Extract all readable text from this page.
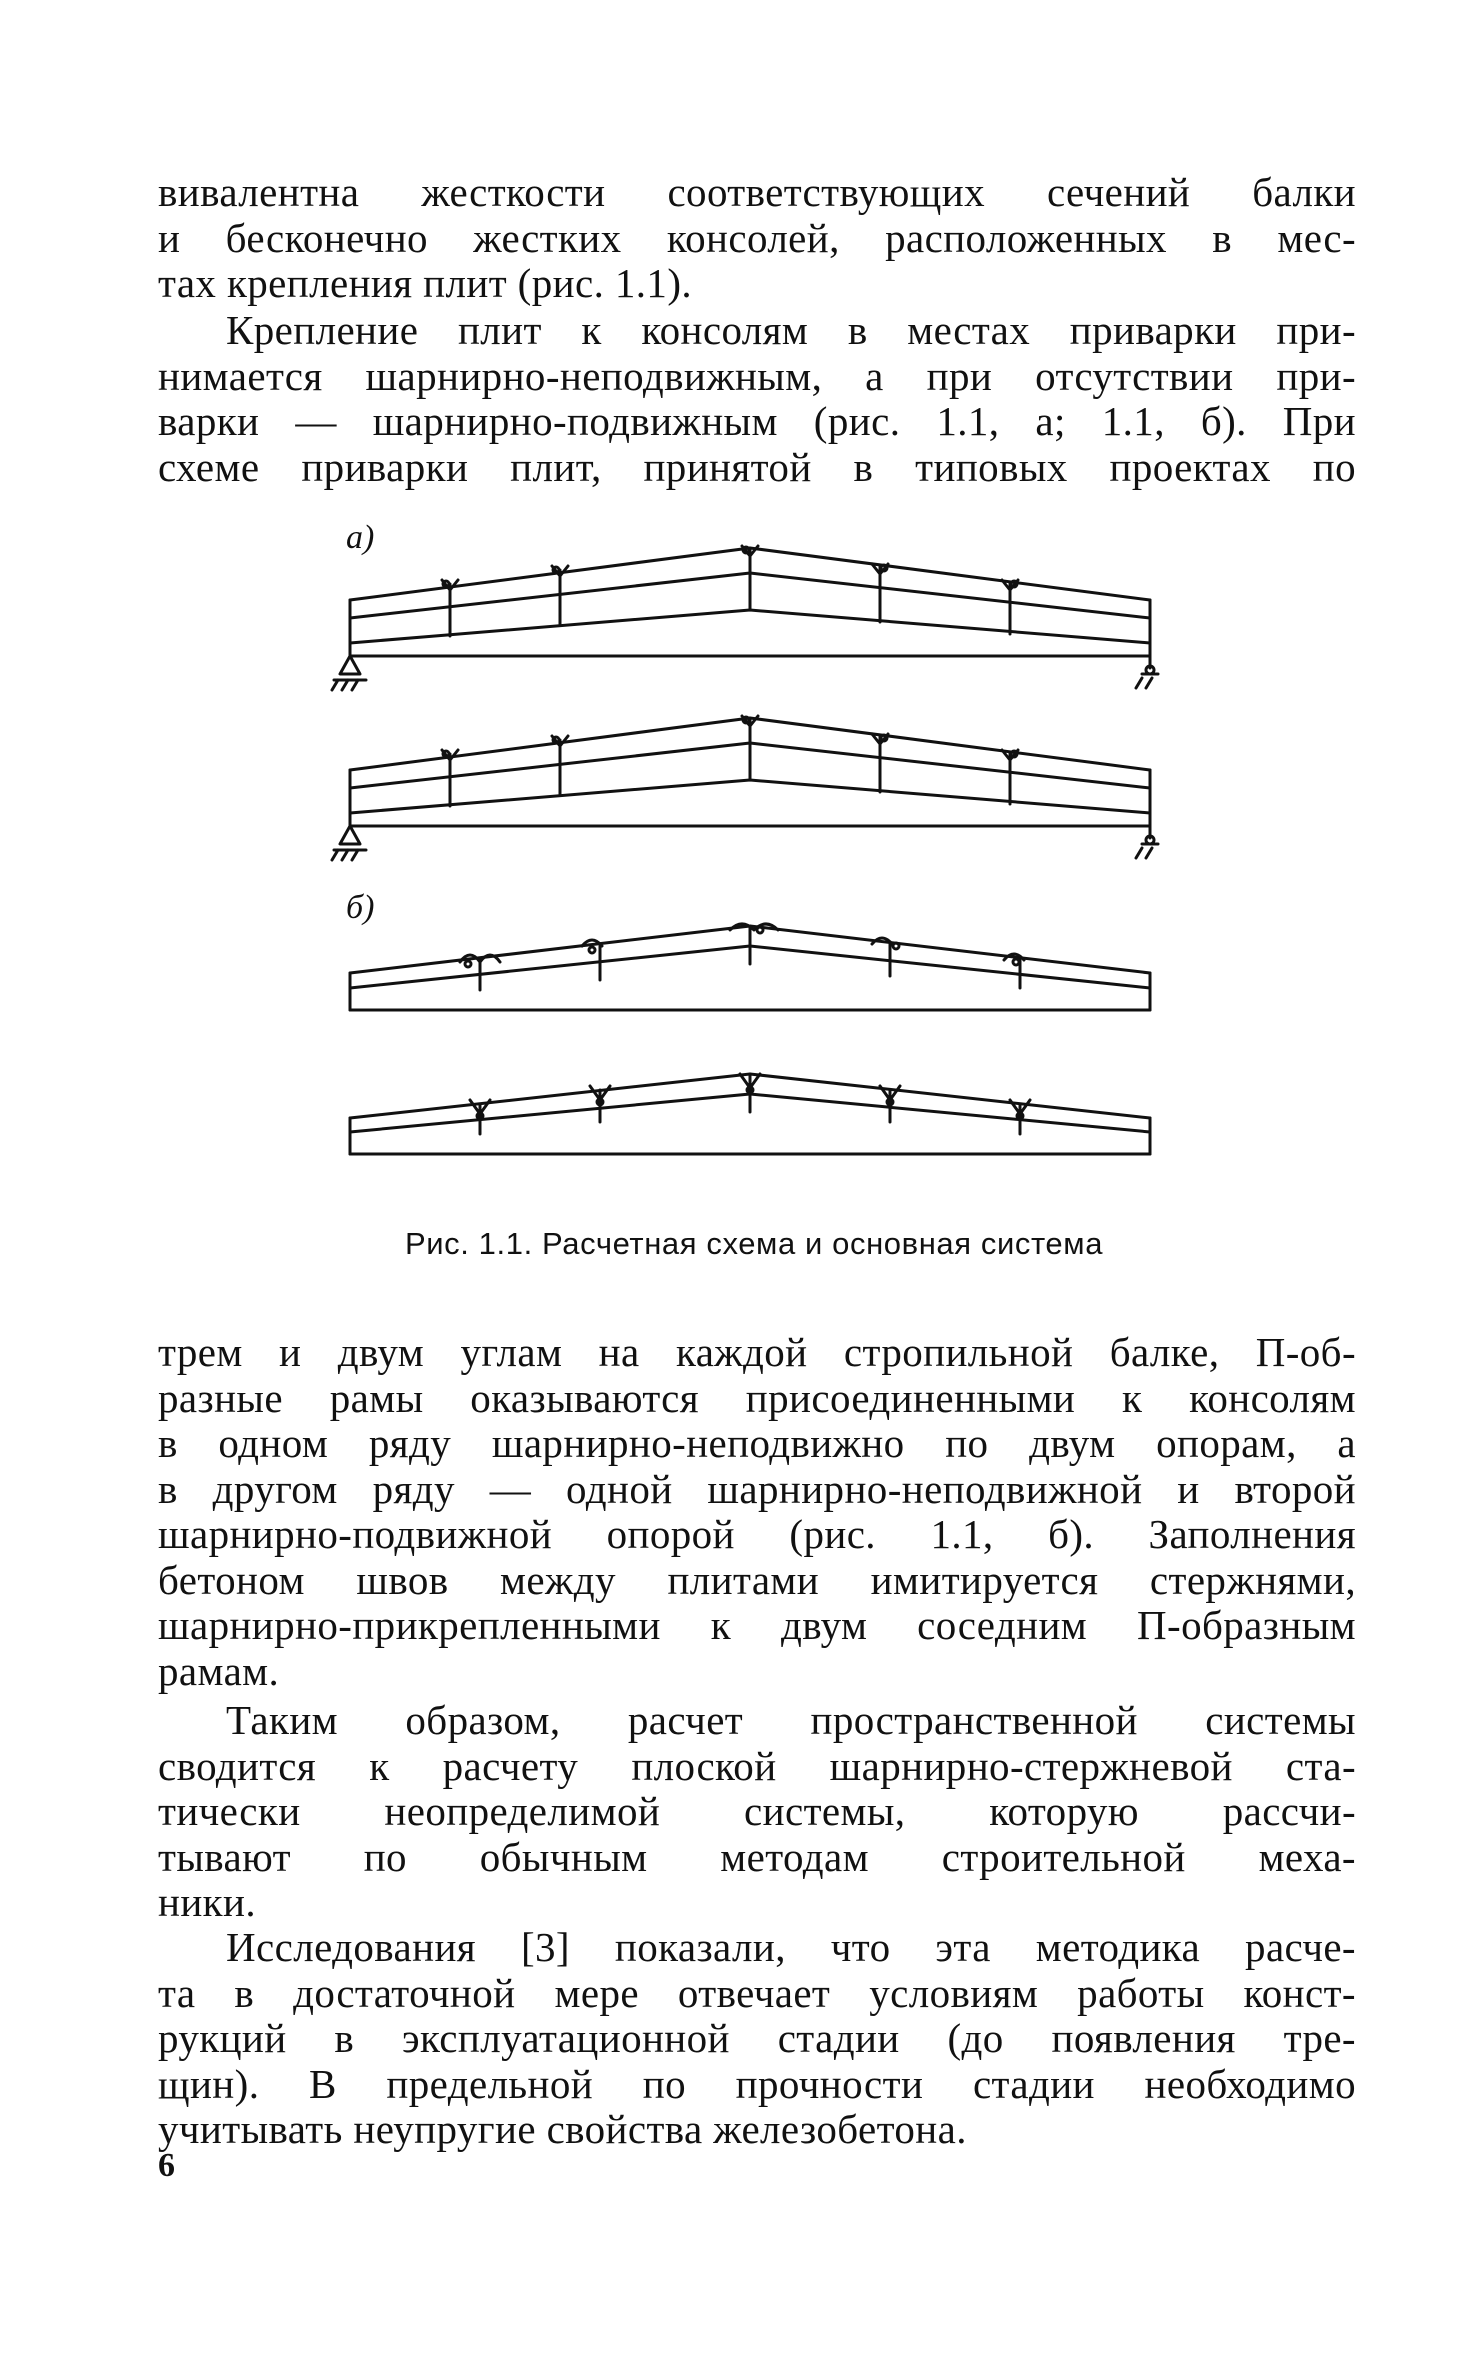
вивалентна жесткости соответствующих сечений балки
и бесконечно жестких консолей, расположенных в мес-
тах крепления плит (рис. 1.1).

Крепление плит к консолям в местах приварки при-
нимается шарнирно-неподвижным, а при отсутствии при-
варки — шарнирно-подвижным (рис. 1.1, а; 1.1, б). При
схеме приварки плит, принятой в типовых проектах по

а)
б)
Рис. 1.1. Расчетная схема и основная система

трем и двум углам на каждой стропильной балке, П-об-
разные рамы оказываются присоединенными к консолям
в одном ряду шарнирно-неподвижно по двум опорам, а
в другом ряду — одной шарнирно-неподвижной и второй
шарнирно-подвижной опорой (рис. 1.1, б). Заполнения
бетоном швов между плитами имитируется стержнями,
шарнирно-прикрепленными к двум соседним П-образным
рамам.

Таким образом, расчет пространственной системы
сводится к расчету плоской шарнирно-стержневой ста-
тически неопределимой системы, которую рассчи-
тывают по обычным методам строительной меха-
ники.

Исследования [3] показали, что эта методика расче-
та в достаточной мере отвечает условиям работы конст-
рукций в эксплуатационной стадии (до появления тре-
щин). В предельной по прочности стадии необходимо
учитывать неупругие свойства железобетона.

6
